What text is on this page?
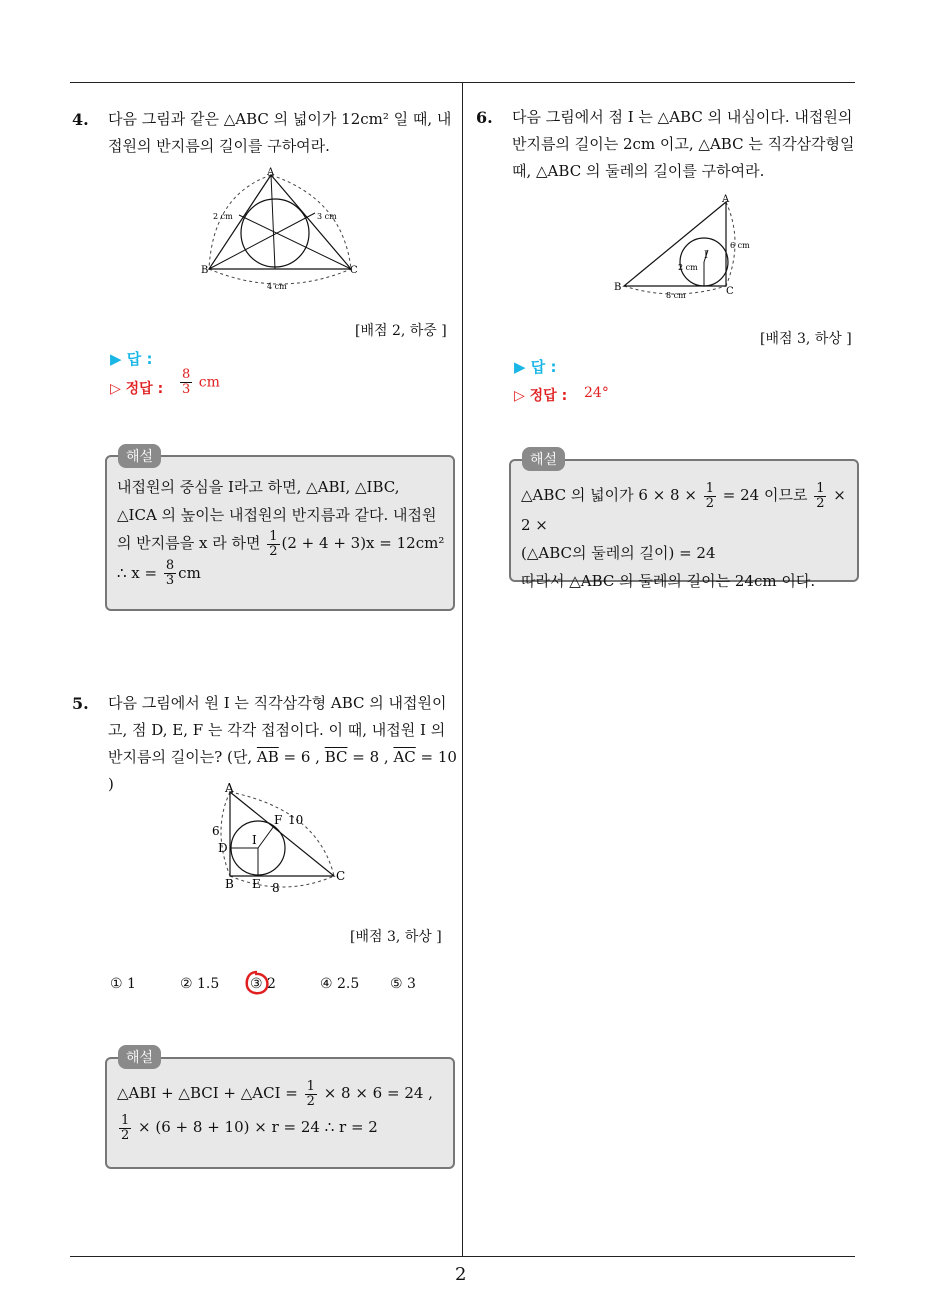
2
4. 다음 그림과 같은 △ABC 의 넓이가 12cm² 일 때, 내
접원의 반지름의 길이를 구하여라.
A
B	C
2 cm	3 cm
4 cm
[배점 2, 하중 ]
▶ 답 :
▷ 정답 : $\frac{8}{3}$ cm
해설
내접원의 중심을 I라고 하면, △ABI, △IBC,
△ICA 의 높이는 내접원의 반지름과 같다. 내접원
의 반지름을 x 라 하면 $\frac{1}{2} (2 + 4 + 3)x = 12cm^2$
∴ $x = \frac{8}{3}$ cm
5. 다음 그림에서 원 I 는 직각삼각형 ABC 의 내접원이
고, 점 D, E, F 는 각각 접점이다. 이 때, 내접원 I 의
반지름의 길이는? (단, $\overline{AB} = 6$ , $\overline{BC} = 8$ , $\overline{AC} = 10$ )	A
B
C
D
E
F
I
6
8
10
[배점 3, 하상 ]
① 1	② 1.5 ③ 2	④ 2.5 ⑤ 3
해설
△ABI + △BCI + △ACI = $\frac{1}{2} \times 8 \times 6 = 24$ ,
$\frac{1}{2} \times (6 + 8 + 10) \times r = 24$ ∴ r = 2
6. 다음 그림에서 점 I 는 △ABC 의 내심이다. 내접원의
반지름의 길이는 2cm 이고, △ABC 는 직각삼각형일
때, △ABC 의 둘레의 길이를 구하여라.
A
B	C
I
2 cm
6 cm
8 cm
[배점 3, 하상 ]
▶ 답 :
▷ 정답 : 24°
해설
△ABC 의 넓이가 $6 \times 8 \times \frac{1}{2} = 24$ 이므로 $\frac{1}{2} \times 2$ ×
(△ABC의 둘레의 길이) = 24
따라서 △ABC 의 둘레의 길이는 24cm 이다.
